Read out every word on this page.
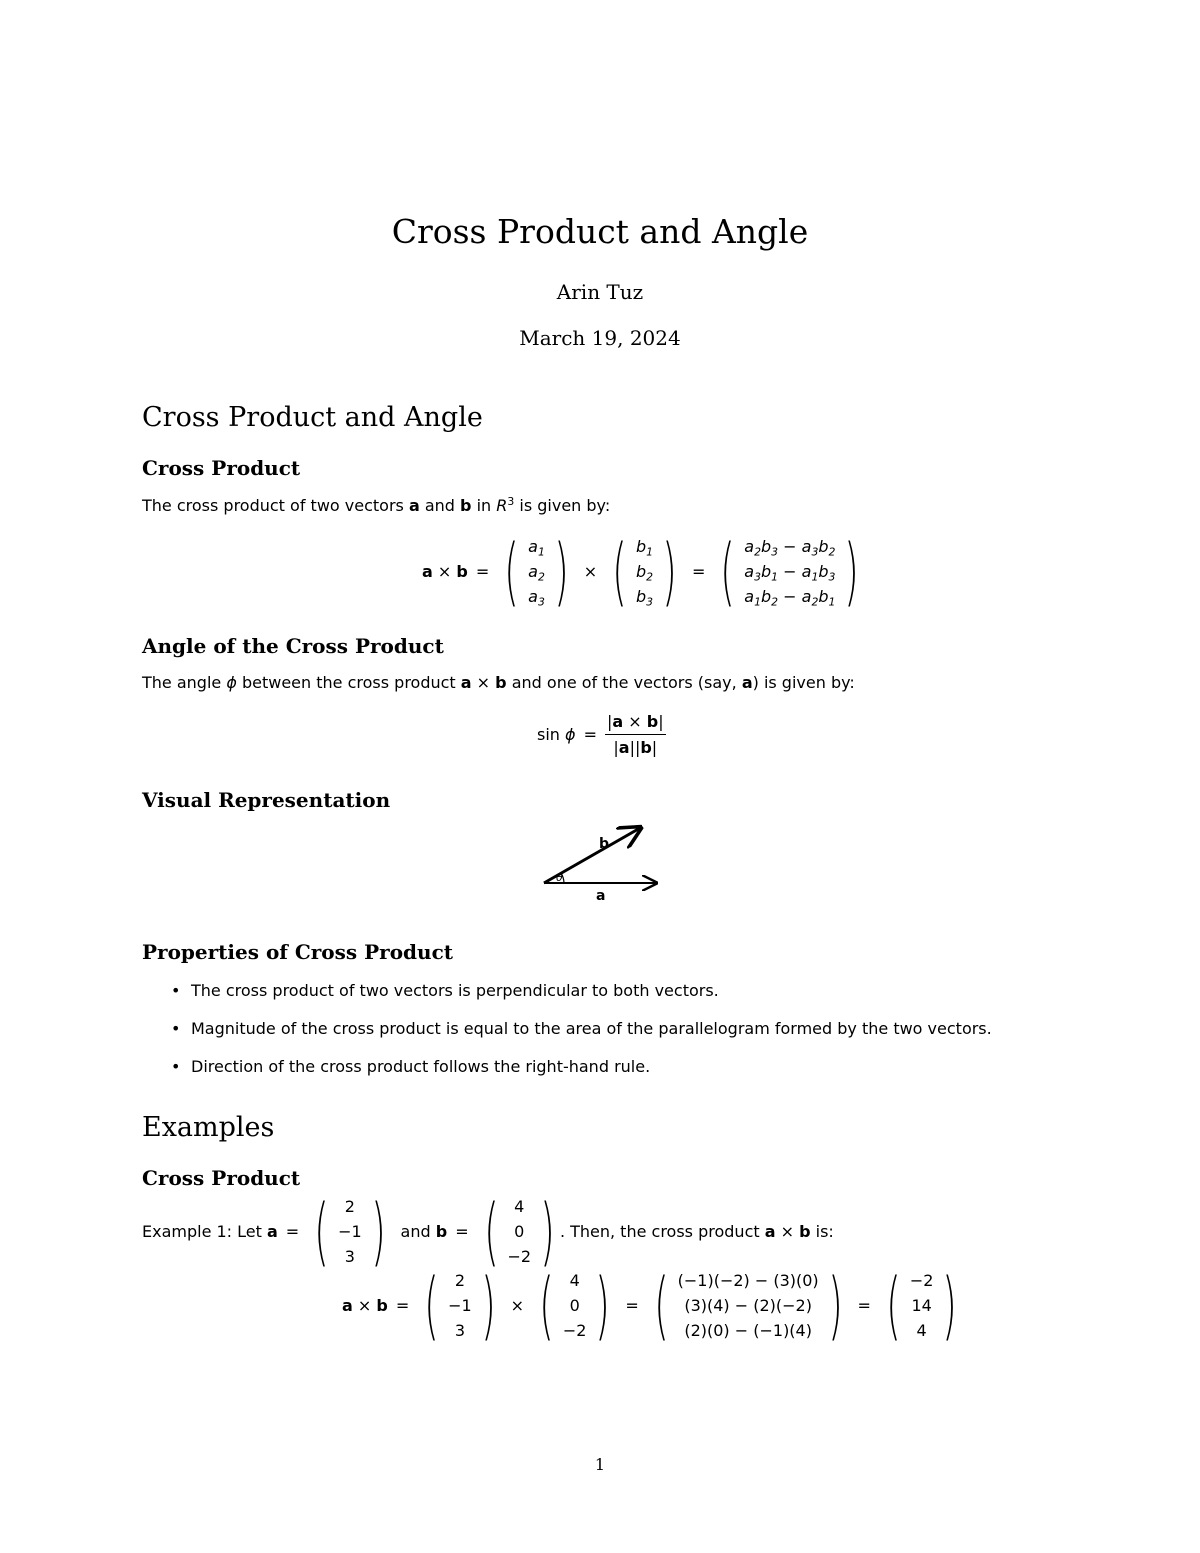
Cross Product and Angle
Arin Tuz
March 19, 2024
Cross Product and Angle
Cross Product
The cross product of two vectors a and b in $R^3$ is given by:
a × b = ( $a_1$
$a_2$
$a_3$ ) × ( $b_1$
$b_2$
$b_3$ ) = ( $a_2b_3 - a_3b_2$
$a_3b_1 - a_1b_3$
$a_1b_2 - a_2b_1$ )
Angle of the Cross Product
The angle ϕ between the cross product a × b and one of the vectors (say, a) is given by:
$\sin \phi = \frac{|a \times b|}{|a||b|}$
Visual Representation
θ
a
b
Properties of Cross Product
• The cross product of two vectors is perpendicular to both vectors.
• Magnitude of the cross product is equal to the area of the parallelogram formed by the two vectors.
• Direction of the cross product follows the right-hand rule.
Examples
Cross Product
Example 1: Let a = ( 2
−1
3 ) and b = ( 4
0
−2 ) . Then, the cross product a × b is:
a × b = ( 2
−1
3 ) × ( 4
0
−2 ) = ( (−1)(−2) − (3)(0)
(3)(4) − (2)(−2)
(2)(0) − (−1)(4) ) = ( −2
14
4 )
1
